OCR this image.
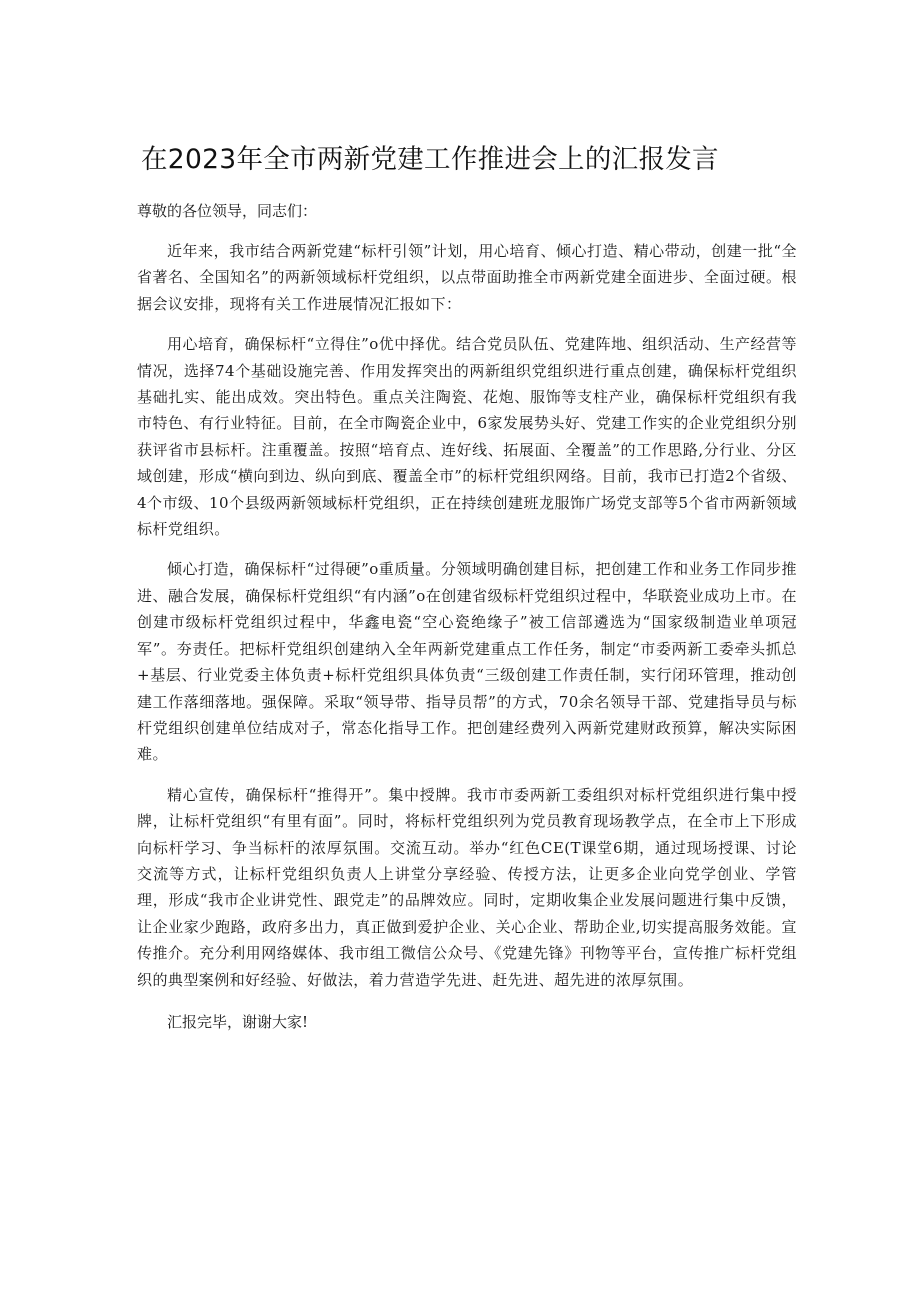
在2023年全市两新党建工作推进会上的汇报发言

尊敬的各位领导，同志们：

近年来，我市结合两新党建“标杆引领”计划，用心培育、倾心打造、精心带动，创建一批“全省著名、全国知名”的两新领域标杆党组织，以点带面助推全市两新党建全面进步、全面过硬。根据会议安排，现将有关工作进展情况汇报如下：

用心培育，确保标杆“立得住”o优中择优。结合党员队伍、党建阵地、组织活动、生产经营等情况，选择74个基础设施完善、作用发挥突出的两新组织党组织进行重点创建，确保标杆党组织基础扎实、能出成效。突出特色。重点关注陶瓷、花炮、服饰等支柱产业，确保标杆党组织有我市特色、有行业特征。目前，在全市陶瓷企业中，6家发展势头好、党建工作实的企业党组织分别获评省市县标杆。注重覆盖。按照“培育点、连好线、拓展面、全覆盖”的工作思路,分行业、分区域创建，形成“横向到边、纵向到底、覆盖全市”的标杆党组织网络。目前，我市已打造2个省级、4个市级、10个县级两新领域标杆党组织，正在持续创建班龙服饰广场党支部等5个省市两新领域标杆党组织。

倾心打造，确保标杆“过得硬”o重质量。分领域明确创建目标，把创建工作和业务工作同步推进、融合发展，确保标杆党组织“有内涵”o在创建省级标杆党组织过程中，华联瓷业成功上市。在创建市级标杆党组织过程中，华鑫电瓷“空心瓷绝缘子”被工信部遴选为“国家级制造业单项冠军”。夯责任。把标杆党组织创建纳入全年两新党建重点工作任务，制定“市委两新工委牵头抓总+基层、行业党委主体负责+标杆党组织具体负责“三级创建工作责任制，实行闭环管理，推动创建工作落细落地。强保障。采取“领导带、指导员帮”的方式，70余名领导干部、党建指导员与标杆党组织创建单位结成对子，常态化指导工作。把创建经费列入两新党建财政预算，解决实际困难。

精心宣传，确保标杆“推得开”。集中授牌。我市市委两新工委组织对标杆党组织进行集中授牌，让标杆党组织“有里有面”。同时，将标杆党组织列为党员教育现场教学点，在全市上下形成向标杆学习、争当标杆的浓厚氛围。交流互动。举办“红色CE(T课堂6期，通过现场授课、讨论交流等方式，让标杆党组织负责人上讲堂分享经验、传授方法，让更多企业向党学创业、学管理，形成“我市企业讲党性、跟党走”的品牌效应。同时，定期收集企业发展问题进行集中反馈，让企业家少跑路，政府多出力，真正做到爱护企业、关心企业、帮助企业,切实提高服务效能。宣传推介。充分利用网络媒体、我市组工微信公众号、《党建先锋》刊物等平台，宣传推广标杆党组织的典型案例和好经验、好做法，着力营造学先进、赶先进、超先进的浓厚氛围。

汇报完毕，谢谢大家!
